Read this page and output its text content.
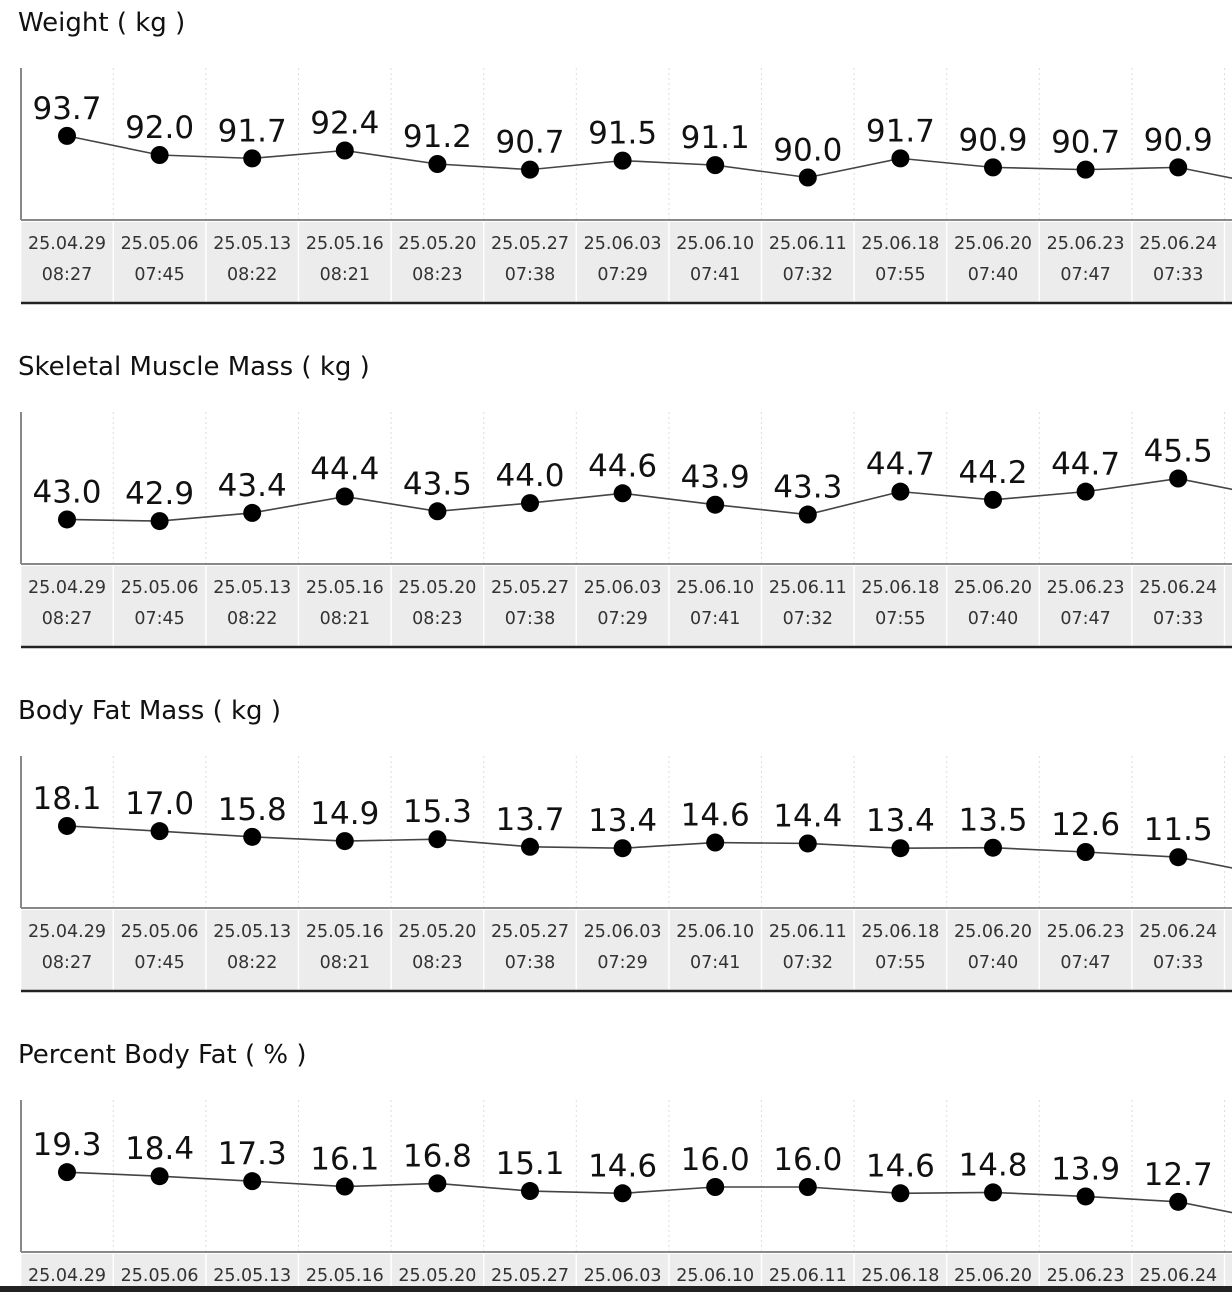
Weight ( kg )
93.7
92.0 91.7 92.4 91.2 90.7 91.5 91.1 90.0
91.7 90.9 90.7 90.9
25.04.29
08:27
25.05.06
07:45
25.05.13
08:22
25.05.16
08:21
25.05.20
08:23
25.05.27
07:38
25.06.03
07:29
25.06.10
07:41
25.06.11
07:32
25.06.18
07:55
25.06.20
07:40
25.06.23
07:47
25.06.24
07:33
Skeletal Muscle Mass ( kg )
43.0 42.9 43.4 44.4 43.5 44.0 44.6 43.9 43.3
44.7 44.2 44.7 45.5
25.04.29
08:27
25.05.06
07:45
25.05.13
08:22
25.05.16
08:21
25.05.20
08:23
25.05.27
07:38
25.06.03
07:29
25.06.10
07:41
25.06.11
07:32
25.06.18
07:55
25.06.20
07:40
25.06.23
07:47
25.06.24
07:33
Body Fat Mass ( kg )
18.1 17.0 15.8 14.9 15.3 13.7 13.4 14.6 14.4 13.4 13.5 12.6 11.5
25.04.29
08:27
25.05.06
07:45
25.05.13
08:22
25.05.16
08:21
25.05.20
08:23
25.05.27
07:38
25.06.03
07:29
25.06.10
07:41
25.06.11
07:32
25.06.18
07:55
25.06.20
07:40
25.06.23
07:47
25.06.24
07:33
Percent Body Fat ( % )
19.3 18.4 17.3 16.1 16.8 15.1 14.6 16.0 16.0 14.6 14.8 13.9 12.7
25.04.29 25.05.06 25.05.13 25.05.16 25.05.20 25.05.27 25.06.03 25.06.10 25.06.11 25.06.18 25.06.20 25.06.23 25.06.24
